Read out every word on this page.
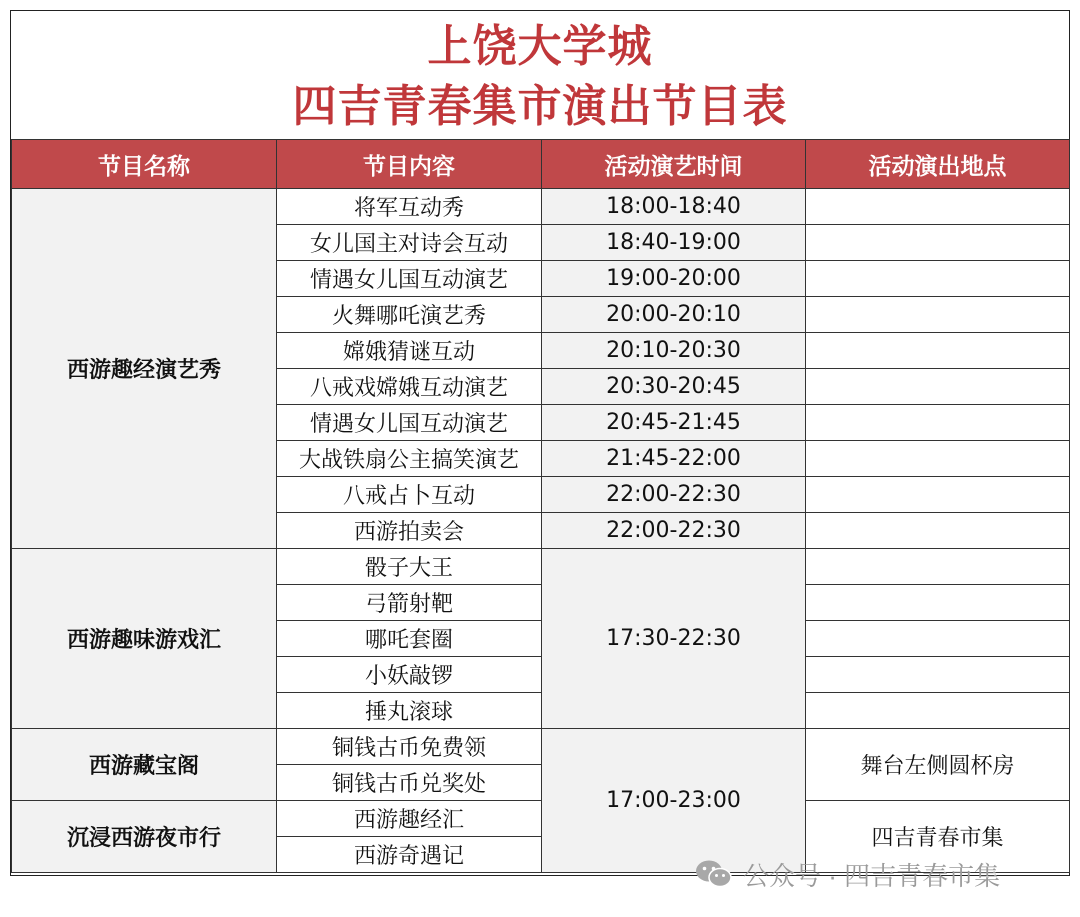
上饶大学城
四吉青春集市演出节目表
节目名称	节目内容	活动演艺时间	活动演出地点
西游趣经演艺秀	将军互动秀	18:00-18:40	
	女儿国主对诗会互动	18:40-19:00	
	情遇女儿国互动演艺	19:00-20:00	
	火舞哪吒演艺秀	20:00-20:10	
	嫦娥猜谜互动	20:10-20:30	
	八戒戏嫦娥互动演艺	20:30-20:45	
	情遇女儿国互动演艺	20:45-21:45	
	大战铁扇公主搞笑演艺	21:45-22:00	
	八戒占卜互动	22:00-22:30	
	西游拍卖会	22:00-22:30	
西游趣味游戏汇	骰子大王	17:30-22:30	
	弓箭射靶		
	哪吒套圈		
	小妖敲锣		
	捶丸滚球		
西游藏宝阁	铜钱古币免费领	17:00-23:00	舞台左侧圆杯房
	铜钱古币兑奖处		
沉浸西游夜市行	西游趣经汇		四吉青春市集
	西游奇遇记		
公众号 · 四吉青春市集
